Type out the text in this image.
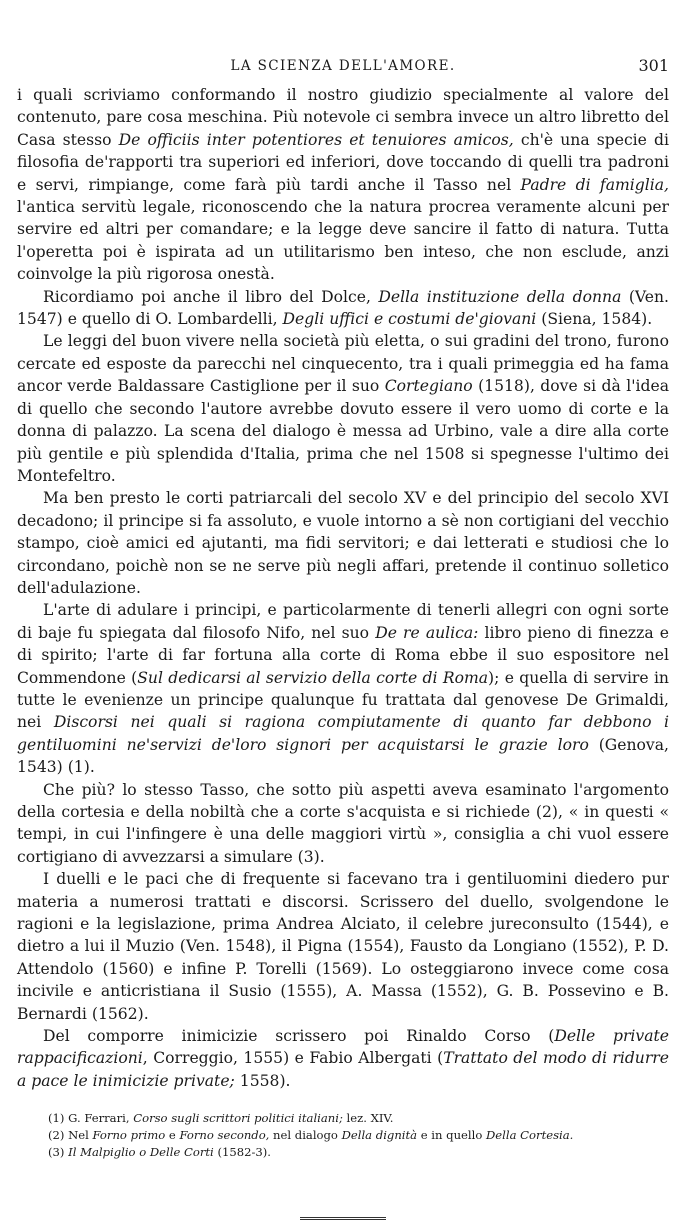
LA SCIENZA DELL'AMORE.	301

i quali scriviamo conformando il nostro giudizio specialmente al valore del contenuto, pare cosa meschina. Più notevole ci sembra invece un altro libretto del Casa stesso De officiis inter potentiores et tenuiores amicos, ch'è una specie di filosofia de'rapporti tra superiori ed inferiori, dove toccando di quelli tra padroni e servi, rimpiange, come farà più tardi anche il Tasso nel Padre di famiglia, l'antica servitù legale, riconoscendo che la natura procrea veramente alcuni per servire ed altri per comandare; e la legge deve sancire il fatto di natura. Tutta l'operetta poi è ispirata ad un utilitarismo ben inteso, che non esclude, anzi coinvolge la più rigorosa onestà.

Ricordiamo poi anche il libro del Dolce, Della instituzione della donna (Ven. 1547) e quello di O. Lombardelli, Degli uffici e costumi de'giovani (Siena, 1584).

Le leggi del buon vivere nella società più eletta, o sui gradini del trono, furono cercate ed esposte da parecchi nel cinquecento, tra i quali primeggia ed ha fama ancor verde Baldassare Castiglione per il suo Cortegiano (1518), dove si dà l'idea di quello che secondo l'autore avrebbe dovuto essere il vero uomo di corte e la donna di palazzo. La scena del dialogo è messa ad Urbino, vale a dire alla corte più gentile e più splendida d'Italia, prima che nel 1508 si spegnesse l'ultimo dei Montefeltro.

Ma ben presto le corti patriarcali del secolo XV e del principio del secolo XVI decadono; il principe si fa assoluto, e vuole intorno a sè non cortigiani del vecchio stampo, cioè amici ed ajutanti, ma fidi servitori; e dai letterati e studiosi che lo circondano, poichè non se ne serve più negli affari, pretende il continuo solletico dell'adulazione.

L'arte di adulare i principi, e particolarmente di tenerli allegri con ogni sorte di baje fu spiegata dal filosofo Nifo, nel suo De re aulica: libro pieno di finezza e di spirito; l'arte di far fortuna alla corte di Roma ebbe il suo espositore nel Commendone (Sul dedicarsi al servizio della corte di Roma); e quella di servire in tutte le evenienze un principe qualunque fu trattata dal genovese De Grimaldi, nei Discorsi nei quali si ragiona compiutamente di quanto far debbono i gentiluomini ne'servizi de'loro signori per acquistarsi le grazie loro (Genova, 1543) (1).

Che più? lo stesso Tasso, che sotto più aspetti aveva esaminato l'argomento della cortesia e della nobiltà che a corte s'acquista e si richiede (2), « in questi « tempi, in cui l'infingere è una delle maggiori virtù », consiglia a chi vuol essere cortigiano di avvezzarsi a simulare (3).

I duelli e le paci che di frequente si facevano tra i gentiluomini diedero pur materia a numerosi trattati e discorsi. Scrissero del duello, svolgendone le ragioni e la legislazione, prima Andrea Alciato, il celebre jureconsulto (1544), e dietro a lui il Muzio (Ven. 1548), il Pigna (1554), Fausto da Longiano (1552), P. D. Attendolo (1560) e infine P. Torelli (1569). Lo osteggiarono invece come cosa incivile e anticristiana il Susio (1555), A. Massa (1552), G. B. Possevino e B. Bernardi (1562).

Del comporre inimicizie scrissero poi Rinaldo Corso (Delle private rappacificazioni, Correggio, 1555) e Fabio Albergati (Trattato del modo di ridurre a pace le inimicizie private; 1558).

(1) G. Ferrari, Corso sugli scrittori politici italiani; lez. XIV.

(2) Nel Forno primo e Forno secondo, nel dialogo Della dignità e in quello Della Cortesia.

(3) Il Malpiglio o Delle Corti (1582-3).
